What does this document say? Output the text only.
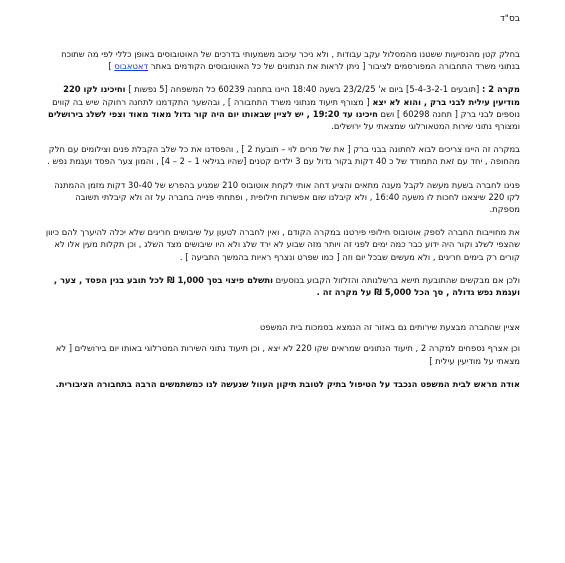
בס"ד

בחלק קטן מהנסיעות ששטנו מהמסלול עקב עבודות , ולא ניכר עיכוב משמעותי בדרכים של האוטובוסים באופן כללי לפי מה שתוכח בנתוני משרד התחבורה המפורסמים לציבור [ ניתן לראות את הנתונים של כל האוטובוסים הקודמים באתר דאטאבוס ]

מקרה 2 : [תובעים 5-4-3-2-1] ביום א' 23/2/25 בשעה 18:40 היינו בתחנה 60239 כל המשפחה [5 נפשות ] וחיכינו לקו 220 מודיעין עילית לבני ברק , והוא לא יצא [ מצורף תיעוד מנתוני משרד התחבורה ] , ובהשער התקדמנו לתחנה רחוקה שיש בה קווים נוספים לבני ברק [ תחנה 60298 ] ושם חיכינו עד 19:20 , יש לציין שבאותו יום היה קור גדול מאוד מאוד וצפי לשלג בירושלים ומצורף נתוני שירות המטאורלוגי שמצאתי על ירושלים.

במקרה זה היינו צריכים לבוא לחתונה בבני ברק [ את של מרים לוי – תובעת 2 ] , והפסדנו את כל שלב הקבלת פנים וצילומים עם חלק מהחופה , יחד עם זאת התמודד של כ 40 דקות בקור גדול עם 3 ילדים קטנים [שהיו בגילאי 1 – 2 – 4] , והמון צער הפסד ועגמת נפש .

פנינו לחברה בשעת מעשה לקבל מענה מתאים והציע דחה אותי לקחת אוטובוס 210 שמגיע בהפרש של 30-40 דקות מזמן ההמתנה לקו 220 שיצאנו לחכות לו משעה 16:40 , ולא קיבלנו שום אפשרות חילופית , ופתחתי פנייה בחברה על זה ולא קיבלתי תשובה מספקת.

את מחוייבות החברה לספק אוטובוס חילופי פירטנו במקרה הקודם , ואין לחברה לטעון על שיבושים חריגים שלא יכלה להיערך להם כיוון שהצפי לשלג וקור היה ידוע כבר כמה ימים לפני זה ויותר מזה שבוע לא ירד שלג ולא היו שיבושים מצד השלג , וכן תקלות מעין אלו לא קורים רק בימים חריגים , ולא מעשים שבכל יום וזה [ כמו שפרט ונצרף ראיות בהמשך התביעה ] .

ולכן אם מבקשים שהתובעת תישא ברשלנותה והזלזול הקבוע בנוסעים ותשלם פיצוי בסך 1,000 ₪ לכל תובע בגין הפסד , צער , ועגמת נפש גדולה , סך הכל 5,000 ₪ על מקרה זה .

אציין שהחברה מבצעת שירותים גם באזור זה הנמצא בסמכות בית המשפט

וכן אצרף נספחים למקרה 2 , תיעוד הנתונים שמראים שקו 220 לא יצא , וכן תיעוד נתוני השירות המטרלוגי באותו יום בירושלים [ לא מצאתי על מודיעין עילית ]

אודה מראש לבית המשפט הנכבד על הטיפול בתיק לטובת תיקון העוול שנעשה לנו כמשתמשים הרבה בתחבורה הציבורית.
